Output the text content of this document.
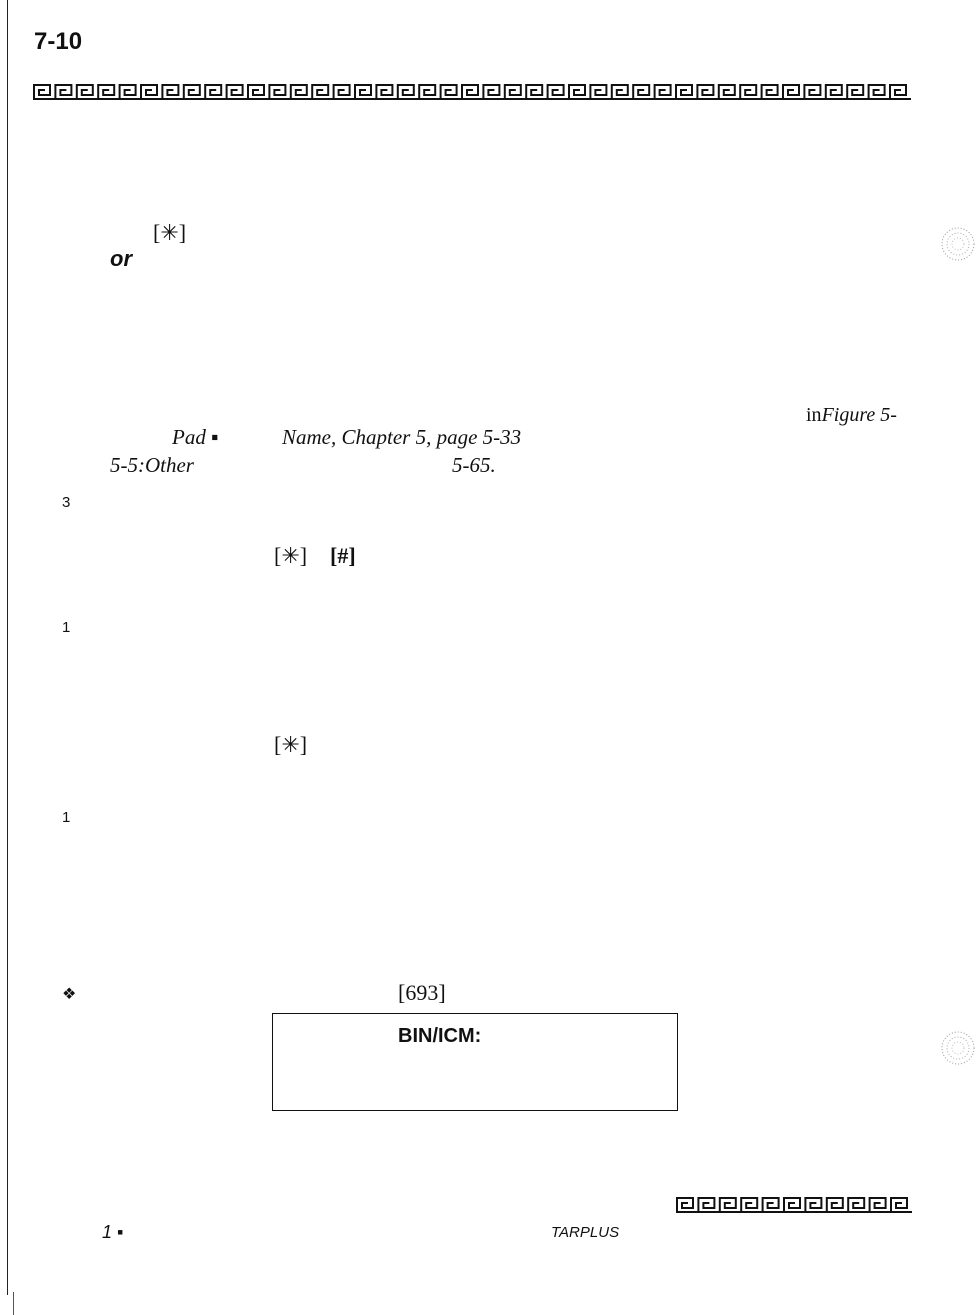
7-10
[✳]
or
inFigure 5-
Pad ▪	Name, Chapter 5, page 5-33
5-5:Other	5-65.
3
[✳] [#]
1
[✳]
1
❖	[693]
BIN/ICM:
1 ▪	TARPLUS
